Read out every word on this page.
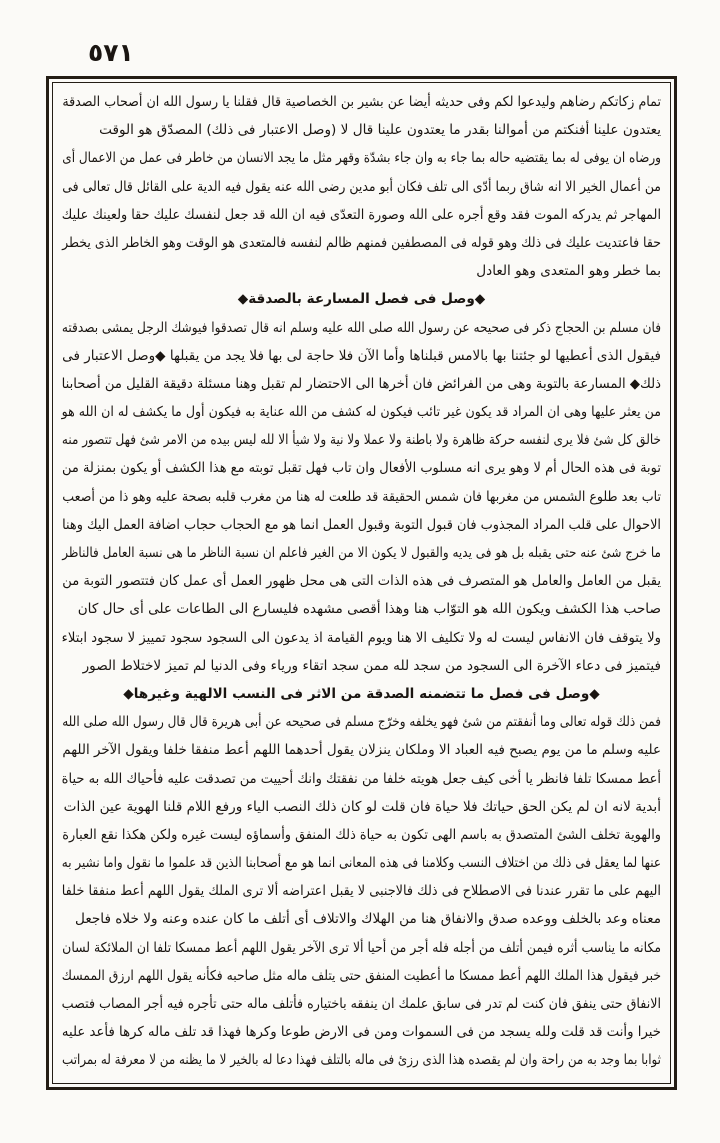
٥٧١
تمام زكاتكم رضاهم وليدعوا لكم وفى حديثه أيضا عن بشير بن الخصاصية قال فقلنا يا رسول الله ان أصحاب الصدقة
يعتدون علينا أفنكتم من أموالنا بقدر ما يعتدون علينا قال لا (وصل الاعتبار فى ذلك) المصدّق هو الوقت
ورضاه ان يوفى له بما يقتضيه حاله بما جاء به وان جاء بشدّة وقهر مثل ما يجد الانسان من خاطر فى عمل من الاعمال أى
من أعمال الخير الا انه شاق ربما أدّى الى تلف فكان أبو مدين رضى الله عنه يقول فيه الدية على القائل قال تعالى فى
المهاجر ثم يدركه الموت فقد وقع أجره على الله وصورة التعدّى فيه ان الله قد جعل لنفسك عليك حقا ولعينك عليك
حقا فاعتديت عليك فى ذلك وهو قوله فى المصطفين فمنهم ظالم لنفسه فالمتعدى هو الوقت وهو الخاطر الذى يخطر
بما خطر وهو المتعدى وهو العادل
◆وصل فى فصل المسارعة بالصدقة◆
فان مسلم بن الحجاج ذكر فى صحيحه عن رسول الله صلى الله عليه وسلم انه قال تصدقوا فيوشك الرجل يمشى بصدقته
فيقول الذى أعطيها لو جئتنا بها بالامس قبلناها وأما الآن فلا حاجة لى بها فلا يجد من يقبلها ◆وصل الاعتبار فى
ذلك◆ المسارعة بالتوبة وهى من الفرائض فان أخرها الى الاحتضار لم تقبل وهنا مسئلة دقيقة القليل من أصحابنا
من يعثر عليها وهى ان المراد قد يكون غير تائب فيكون له كشف من الله عناية به فيكون أول ما يكشف له ان الله هو
خالق كل شئ فلا يرى لنفسه حركة ظاهرة ولا باطنة ولا عملا ولا نية ولا شيأ الا لله ليس بيده من الامر شئ فهل تتصور منه
توبة فى هذه الحال أم لا وهو يرى انه مسلوب الأفعال وان تاب فهل تقبل توبته مع هذا الكشف أو يكون بمنزلة من
تاب بعد طلوع الشمس من مغربها فان شمس الحقيقة قد طلعت له هنا من مغرب قلبه بصحة عليه وهو ذا من أصعب
الاحوال على قلب المراد المجذوب فان قبول التوبة وقبول العمل انما هو مع الحجاب حجاب اضافة العمل اليك وهنا
ما خرج شئ عنه حتى يقبله بل هو فى يديه والقبول لا يكون الا من الغير فاعلم ان نسبة الناظر ما هى نسبة العامل فالناظر
يقبل من العامل والعامل هو المتصرف فى هذه الذات التى هى محل ظهور العمل أى عمل كان فتتصور التوبة من
صاحب هذا الكشف ويكون الله هو التوّاب هنا وهذا أقصى مشهده فليسارع الى الطاعات على أى حال كان
ولا يتوقف فان الانفاس ليست له ولا تكليف الا هنا ويوم القيامة اذ يدعون الى السجود سجود تمييز لا سجود ابتلاء
فيتميز فى دعاء الآخرة الى السجود من سجد لله ممن سجد اتقاء ورياء وفى الدنيا لم تميز لاختلاط الصور
◆وصل فى فصل ما تتضمنه الصدقة من الاثر فى النسب الالهية وغيرها◆
فمن ذلك قوله تعالى وما أنفقتم من شئ فهو يخلفه وخرّج مسلم فى صحيحه عن أبى هريرة قال قال رسول الله صلى الله
عليه وسلم ما من يوم يصبح فيه العباد الا وملكان ينزلان يقول أحدهما اللهم أعط منفقا خلفا ويقول الآخر اللهم
أعط ممسكا تلفا فانظر يا أخى كيف جعل هويته خلفا من نفقتك وانك أحييت من تصدقت عليه فأحياك الله به حياة
أبدية لانه ان لم يكن الحق حياتك فلا حياة فان قلت لو كان ذلك النصب الياء ورفع اللام قلنا الهوية عين الذات
والهوية تخلف الشئ المتصدق به باسم الهى تكون به حياة ذلك المنفق وأسماؤه ليست غيره ولكن هكذا نقع العبارة
عنها لما يعقل فى ذلك من اختلاف النسب وكلامنا فى هذه المعانى انما هو مع أصحابنا الذين قد علموا ما نقول واما نشير به
اليهم على ما تقرر عندنا فى الاصطلاح فى ذلك فالاجنبى لا يقبل اعتراضه ألا ترى الملك يقول اللهم أعط منفقا خلفا
معناه وعد بالخلف ووعده صدق والانفاق هنا من الهلاك والاتلاف أى أتلف ما كان عنده وعنه ولا خلاه فاجعل
مكانه ما يناسب أثره فيمن أتلف من أجله فله أجر من أحيا ألا ترى الآخر يقول اللهم أعط ممسكا تلفا ان الملائكة لسان
خبر فيقول هذا الملك اللهم أعط ممسكا ما أعطيت المنفق حتى يتلف ماله مثل صاحبه فكأنه يقول اللهم ارزق الممسك
الانفاق حتى ينفق فان كنت لم تدر فى سابق علمك ان ينفقه باختياره فأتلف ماله حتى تأجره فيه أجر المصاب فتصب
خيرا وأنت قد قلت ولله يسجد من فى السموات ومن فى الارض طوعا وكرها فهذا قد تلف ماله كرها فأعد عليه
ثوابا بما وجد به من راحة وان لم يقصده هذا الذى رزئ فى ماله بالتلف فهذا دعا له بالخير لا ما يظنه من لا معرفة له بمراتب
